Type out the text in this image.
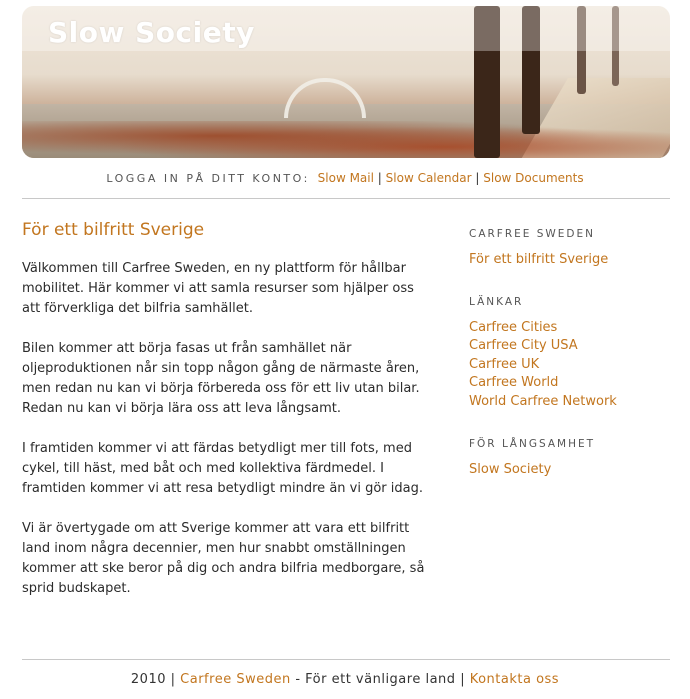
Slow Society
LOGGA IN PÅ DITT KONTO: Slow Mail | Slow Calendar | Slow Documents
För ett bilfritt Sverige

Välkommen till Carfree Sweden, en ny plattform för hållbar mobilitet. Här kommer vi att samla resurser som hjälper oss att förverkliga det bilfria samhället.

Bilen kommer att börja fasas ut från samhället när oljeproduktionen når sin topp någon gång de närmaste åren, men redan nu kan vi börja förbereda oss för ett liv utan bilar. Redan nu kan vi börja lära oss att leva långsamt.

I framtiden kommer vi att färdas betydligt mer till fots, med cykel, till häst, med båt och med kollektiva färdmedel. I framtiden kommer vi att resa betydligt mindre än vi gör idag.

Vi är övertygade om att Sverige kommer att vara ett bilfritt land inom några decennier, men hur snabbt omställningen kommer att ske beror på dig och andra bilfria medborgare, så sprid budskapet.

CARFREE SWEDEN
För ett bilfritt Sverige
LÄNKAR
Carfree Cities
Carfree City USA
Carfree UK
Carfree World
World Carfree Network
FÖR LÅNGSAMHET
Slow Society
2010 | Carfree Sweden - För ett vänligare land | Kontakta oss
